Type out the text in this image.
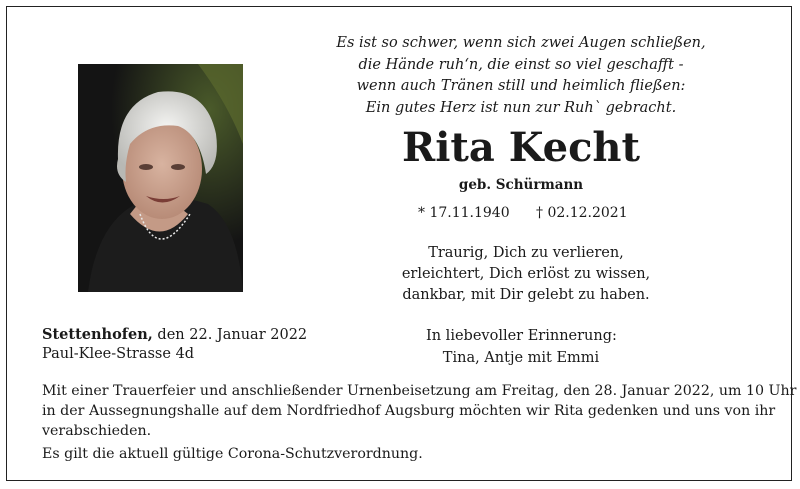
Es ist so schwer, wenn sich zwei Augen schließen,
die Hände ruh‘n, die einst so viel geschafft -
wenn auch Tränen still und heimlich fließen:
Ein gutes Herz ist nun zur Ruh` gebracht.
Rita Kecht
geb. Schürmann
* 17.11.1940 † 02.12.2021
Traurig, Dich zu verlieren,
erleichtert, Dich erlöst zu wissen,
dankbar, mit Dir gelebt zu haben.
Stettenhofen, den 22. Januar 2022
Paul-Klee-Strasse 4d
In liebevoller Erinnerung:
Tina, Antje mit Emmi
Mit einer Trauerfeier und anschließender Urnenbeisetzung am Freitag, den 28. Januar 2022, um 10 Uhr
in der Aussegnungshalle auf dem Nordfriedhof Augsburg möchten wir Rita gedenken und uns von ihr
verabschieden.
Es gilt die aktuell gültige Corona-Schutzverordnung.
